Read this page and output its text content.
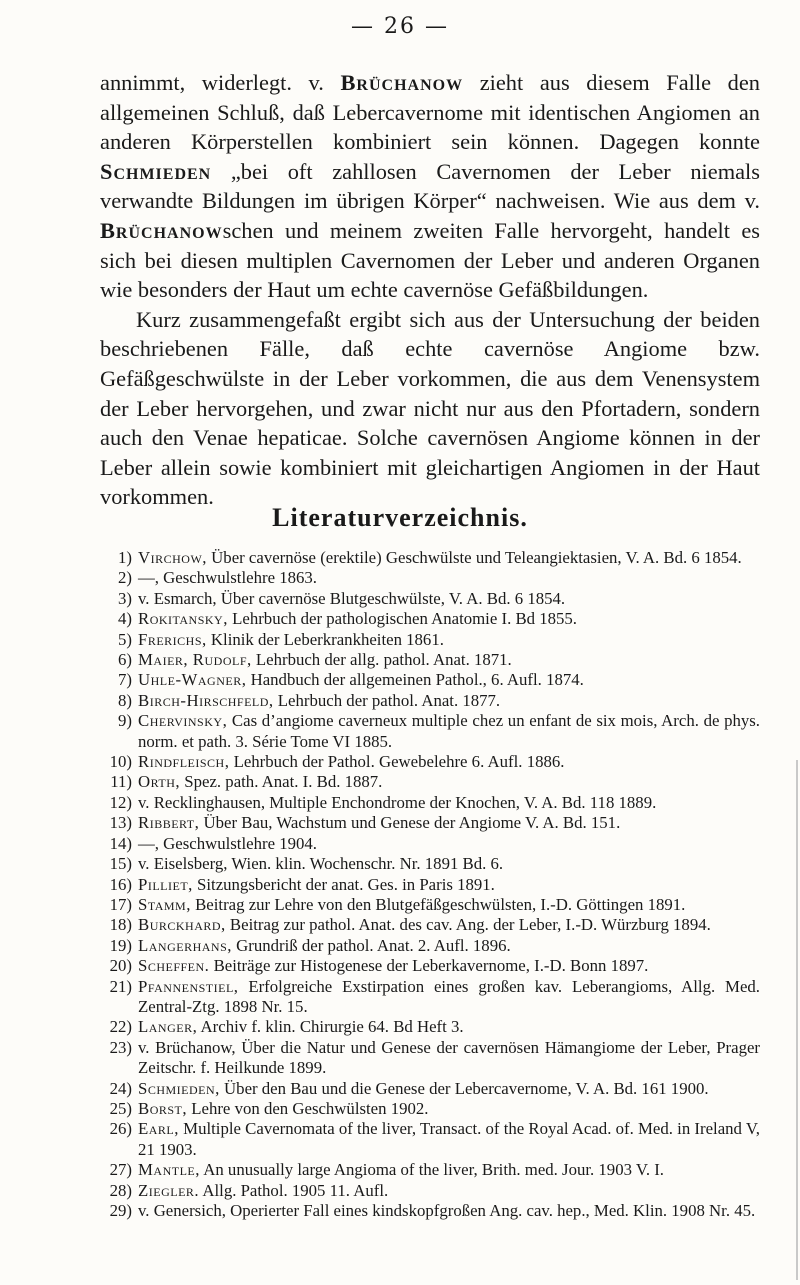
— 26 —

annimmt, widerlegt. v. Brüchanow zieht aus diesem Falle den allgemeinen Schluß, daß Lebercavernome mit identischen Angiomen an anderen Körperstellen kombiniert sein können. Dagegen konnte Schmieden „bei oft zahllosen Cavernomen der Leber niemals verwandte Bildungen im übrigen Körper“ nachweisen. Wie aus dem v. Brüchanowschen und meinem zweiten Falle hervorgeht, handelt es sich bei diesen multiplen Cavernomen der Leber und anderen Organen wie besonders der Haut um echte cavernöse Gefäßbildungen.

Kurz zusammengefaßt ergibt sich aus der Untersuchung der beiden beschriebenen Fälle, daß echte cavernöse Angiome bzw. Gefäßgeschwülste in der Leber vorkommen, die aus dem Venensystem der Leber hervorgehen, und zwar nicht nur aus den Pfortadern, sondern auch den Venae hepaticae. Solche cavernösen Angiome können in der Leber allein sowie kombiniert mit gleichartigen Angiomen in der Haut vorkommen.

Literaturverzeichnis.
1) Virchow, Über cavernöse (erektile) Geschwülste und Teleangiektasien, V. A. Bd. 6 1854.
2) —, Geschwulstlehre 1863.
3) v. Esmarch, Über cavernöse Blutgeschwülste, V. A. Bd. 6 1854.
4) Rokitansky, Lehrbuch der pathologischen Anatomie I. Bd 1855.
5) Frerichs, Klinik der Leberkrankheiten 1861.
6) Maier, Rudolf, Lehrbuch der allg. pathol. Anat. 1871.
7) Uhle-Wagner, Handbuch der allgemeinen Pathol., 6. Aufl. 1874.
8) Birch-Hirschfeld, Lehrbuch der pathol. Anat. 1877.
9) Chervinsky, Cas d’angiome caverneux multiple chez un enfant de six mois, Arch. de phys. norm. et path. 3. Série Tome VI 1885.
10) Rindfleisch, Lehrbuch der Pathol. Gewebelehre 6. Aufl. 1886.
11) Orth, Spez. path. Anat. I. Bd. 1887.
12) v. Recklinghausen, Multiple Enchondrome der Knochen, V. A. Bd. 118 1889.
13) Ribbert, Über Bau, Wachstum und Genese der Angiome V. A. Bd. 151.
14) —, Geschwulstlehre 1904.
15) v. Eiselsberg, Wien. klin. Wochenschr. Nr. 1891 Bd. 6.
16) Pilliet, Sitzungsbericht der anat. Ges. in Paris 1891.
17) Stamm, Beitrag zur Lehre von den Blutgefäßgeschwülsten, I.-D. Göttingen 1891.
18) Burckhard, Beitrag zur pathol. Anat. des cav. Ang. der Leber, I.-D. Würzburg 1894.
19) Langerhans, Grundriß der pathol. Anat. 2. Aufl. 1896.
20) Scheffen. Beiträge zur Histogenese der Leberkavernome, I.-D. Bonn 1897.
21) Pfannenstiel, Erfolgreiche Exstirpation eines großen kav. Leberangioms, Allg. Med. Zentral-Ztg. 1898 Nr. 15.
22) Langer, Archiv f. klin. Chirurgie 64. Bd Heft 3.
23) v. Brüchanow, Über die Natur und Genese der cavernösen Hämangiome der Leber, Prager Zeitschr. f. Heilkunde 1899.
24) Schmieden, Über den Bau und die Genese der Lebercavernome, V. A. Bd. 161 1900.
25) Borst, Lehre von den Geschwülsten 1902.
26) Earl, Multiple Cavernomata of the liver, Transact. of the Royal Acad. of. Med. in Ireland V, 21 1903.
27) Mantle, An unusually large Angioma of the liver, Brith. med. Jour. 1903 V. I.
28) Ziegler. Allg. Pathol. 1905 11. Aufl.
29) v. Genersich, Operierter Fall eines kindskopfgroßen Ang. cav. hep., Med. Klin. 1908 Nr. 45.
